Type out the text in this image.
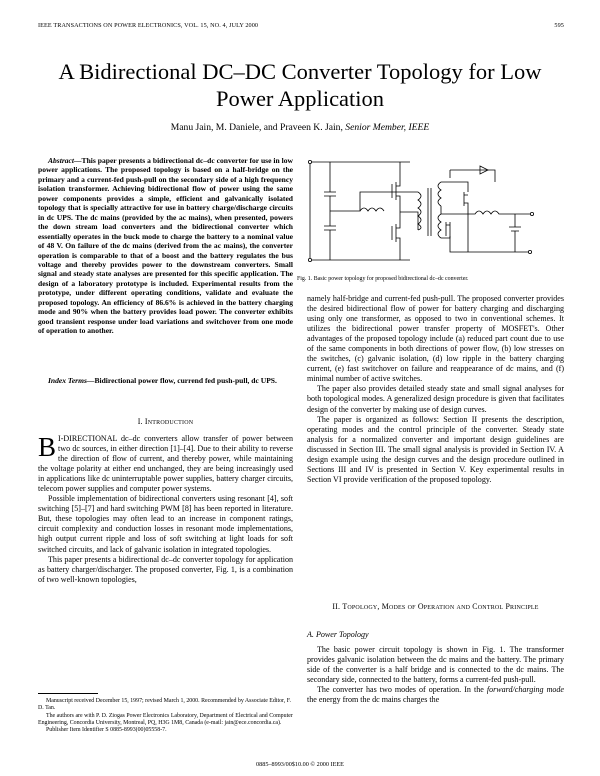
IEEE TRANSACTIONS ON POWER ELECTRONICS, VOL. 15, NO. 4, JULY 2000	595
A Bidirectional DC–DC Converter Topology for Low
Power Application
Manu Jain, M. Daniele, and Praveen K. Jain, Senior Member, IEEE
Abstract—This paper presents a bidirectional dc–dc converter for use in low power applications. The proposed topology is based on a half-bridge on the primary and a current-fed push-pull on the secondary side of a high frequency isolation transformer. Achieving bidirectional flow of power using the same power components provides a simple, efficient and galvanically isolated topology that is specially attractive for use in battery charge/discharge circuits in dc UPS. The dc mains (provided by the ac mains), when presented, powers the down stream load converters and the bidirectional converter which essentially operates in the buck mode to charge the battery to a nominal value of 48 V. On failure of the dc mains (derived from the ac mains), the converter operation is comparable to that of a boost and the battery regulates the bus voltage and thereby provides power to the downstream converters. Small signal and steady state analyses are presented for this specific application. The design of a laboratory prototype is included. Experimental results from the prototype, under different operating conditions, validate and evaluate the proposed topology. An efficiency of 86.6% is achieved in the battery charging mode and 90% when the battery provides load power. The converter exhibits good transient response under load variations and switchover from one mode of operation to another.
Index Terms—Bidirectional power flow, currend fed push-pull, dc UPS.
I. Introduction

B I-DIRECTIONAL dc–dc converters allow transfer of power between two dc sources, in either direction [1]–[4]. Due to their ability to reverse the direction of flow of current, and thereby power, while maintaining the voltage polarity at either end unchanged, they are being increasingly used in applications like dc uninterruptable power supplies, battery charger circuits, telecom power supplies and computer power systems.

Possible implementation of bidirectional converters using resonant [4], soft switching [5]–[7] and hard switching PWM [8] has been reported in literature. But, these topologies may often lead to an increase in component ratings, circuit complexity and conduction losses in resonant mode implementations, high output current ripple and loss of soft switching at light loads for soft switched circuits, and lack of galvanic isolation in integrated topologies.

This paper presents a bidirectional dc–dc converter topology for application as battery charger/discharger. The proposed converter, Fig. 1, is a combination of two well-known topologies,

Manuscript received December 15, 1997; revised March 1, 2000. Recommended by Associate Editor, F. D. Tan.

The authors are with P. D. Ziogas Power Electronics Laboratory, Department of Electrical and Computer Engineering, Concordia University, Montreal, PQ, H3G 1M8, Canada (e-mail: jain@ece.concordia.ca).

Publisher Item Identifier S 0885-8993(00)05558-7.

Fig. 1. Basic power topology for proposed bidirectional dc–dc converter.

namely half-bridge and current-fed push-pull. The proposed converter provides the desired bidirectional flow of power for battery charging and discharging using only one transformer, as opposed to two in conventional schemes. It utilizes the bidirectional power transfer property of MOSFET's. Other advantages of the proposed topology include (a) reduced part count due to use of the same components in both directions of power flow, (b) low stresses on the switches, (c) galvanic isolation, (d) low ripple in the battery charging current, (e) fast switchover on failure and reappearance of dc mains, and (f) minimal number of active switches.

The paper also provides detailed steady state and small signal analyses for both topological modes. A generalized design procedure is given that facilitates design of the converter by making use of design curves.

The paper is organized as follows: Section II presents the description, operating modes and the control principle of the converter. Steady state analysis for a normalized converter and important design guidelines are discussed in Section III. The small signal analysis is provided in Section IV. A design example using the design curves and the design procedure outlined in Sections III and IV is presented in Section V. Key experimental results in Section VI provide verification of the proposed topology.

II. Topology, Modes of Operation and Control Principle
A. Power Topology

The basic power circuit topology is shown in Fig. 1. The transformer provides galvanic isolation between the dc mains and the battery. The primary side of the converter is a half bridge and is connected to the dc mains. The secondary side, connected to the battery, forms a current-fed push-pull.

The converter has two modes of operation. In the forward/charging mode the energy from the dc mains charges the

0885–8993/00$10.00 © 2000 IEEE
